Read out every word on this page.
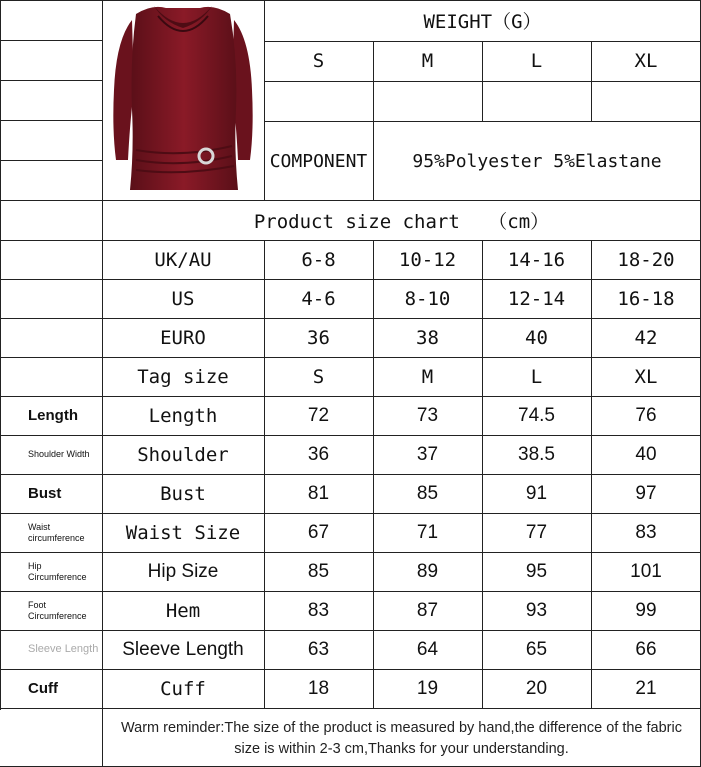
WEIGHT（G）
S	M	L	XL
COMPONENT	95%Polyester 5%Elastane
Product size chart　　（cm）
UK/AU	6-8	10-12	14-16	18-20
US	4-6	8-10	12-14	16-18
EURO	36	38	40	42
Tag size	S	M	L	XL
Length	Length	72	73	74.5	76
Shoulder Width	Shoulder	36	37	38.5	40
Bust	Bust	81	85	91	97
Waist circumference	Waist Size	67	71	77	83
Hip Circumference	Hip Size	85	89	95	101
Foot Circumference	Hem	83	87	93	99
Sleeve Length	Sleeve Length	63	64	65	66
Cuff	Cuff	18	19	20	21
Warm reminder:The size of the product is measured by hand,the difference of the fabric size is within 2-3 cm,Thanks for your understanding.
